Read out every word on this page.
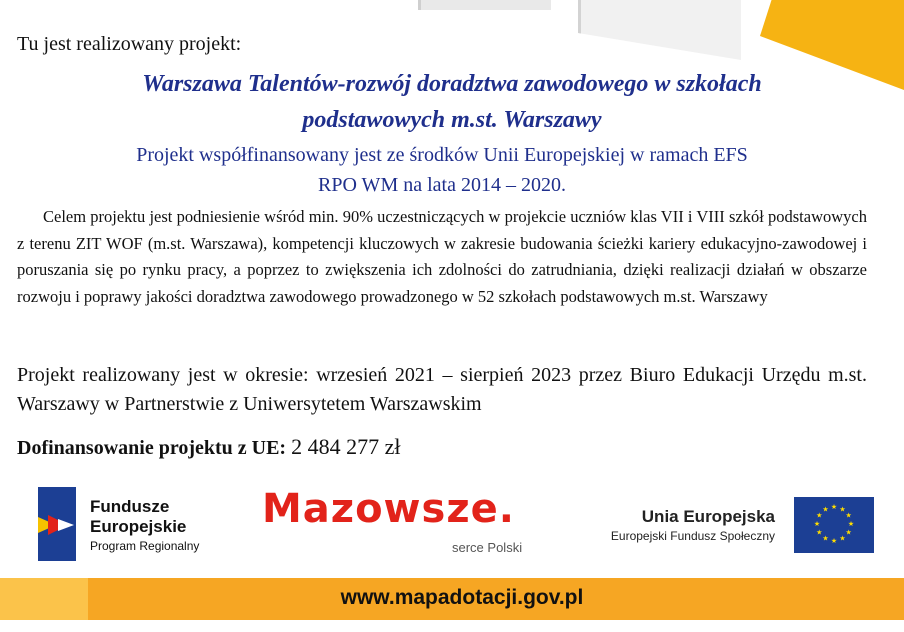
Tu jest realizowany projekt:
Warszawa Talentów-rozwój doradztwa zawodowego w szkołach
podstawowych m.st. Warszawy
Projekt współfinansowany jest ze środków Unii Europejskiej w ramach EFS
RPO WM na lata 2014 – 2020.
Celem projektu jest podniesienie wśród min. 90% uczestniczących w projekcie uczniów klas VII i VIII szkół podstawowych z terenu ZIT WOF (m.st. Warszawa), kompetencji kluczowych w zakresie budowania ścieżki kariery edukacyjno-zawodowej i poruszania się po rynku pracy, a poprzez to zwiększenia ich zdolności do zatrudniania, dzięki realizacji działań w obszarze rozwoju i poprawy jakości doradztwa zawodowego prowadzonego w 52 szkołach podstawowych m.st. Warszawy
Projekt realizowany jest w okresie: wrzesień 2021 – sierpień 2023 przez Biuro Edukacji Urzędu m.st. Warszawy w Partnerstwie z Uniwersytetem Warszawskim
Dofinansowanie projektu z UE: 2 484 277 zł
Fundusze
Europejskie
Program Regionalny
Mazowsze.
serce Polski
Unia Europejska
Europejski Fundusz Społeczny
★ ★
★
★
★
★
★
★
★
★
★
★
www.mapadotacji.gov.pl
